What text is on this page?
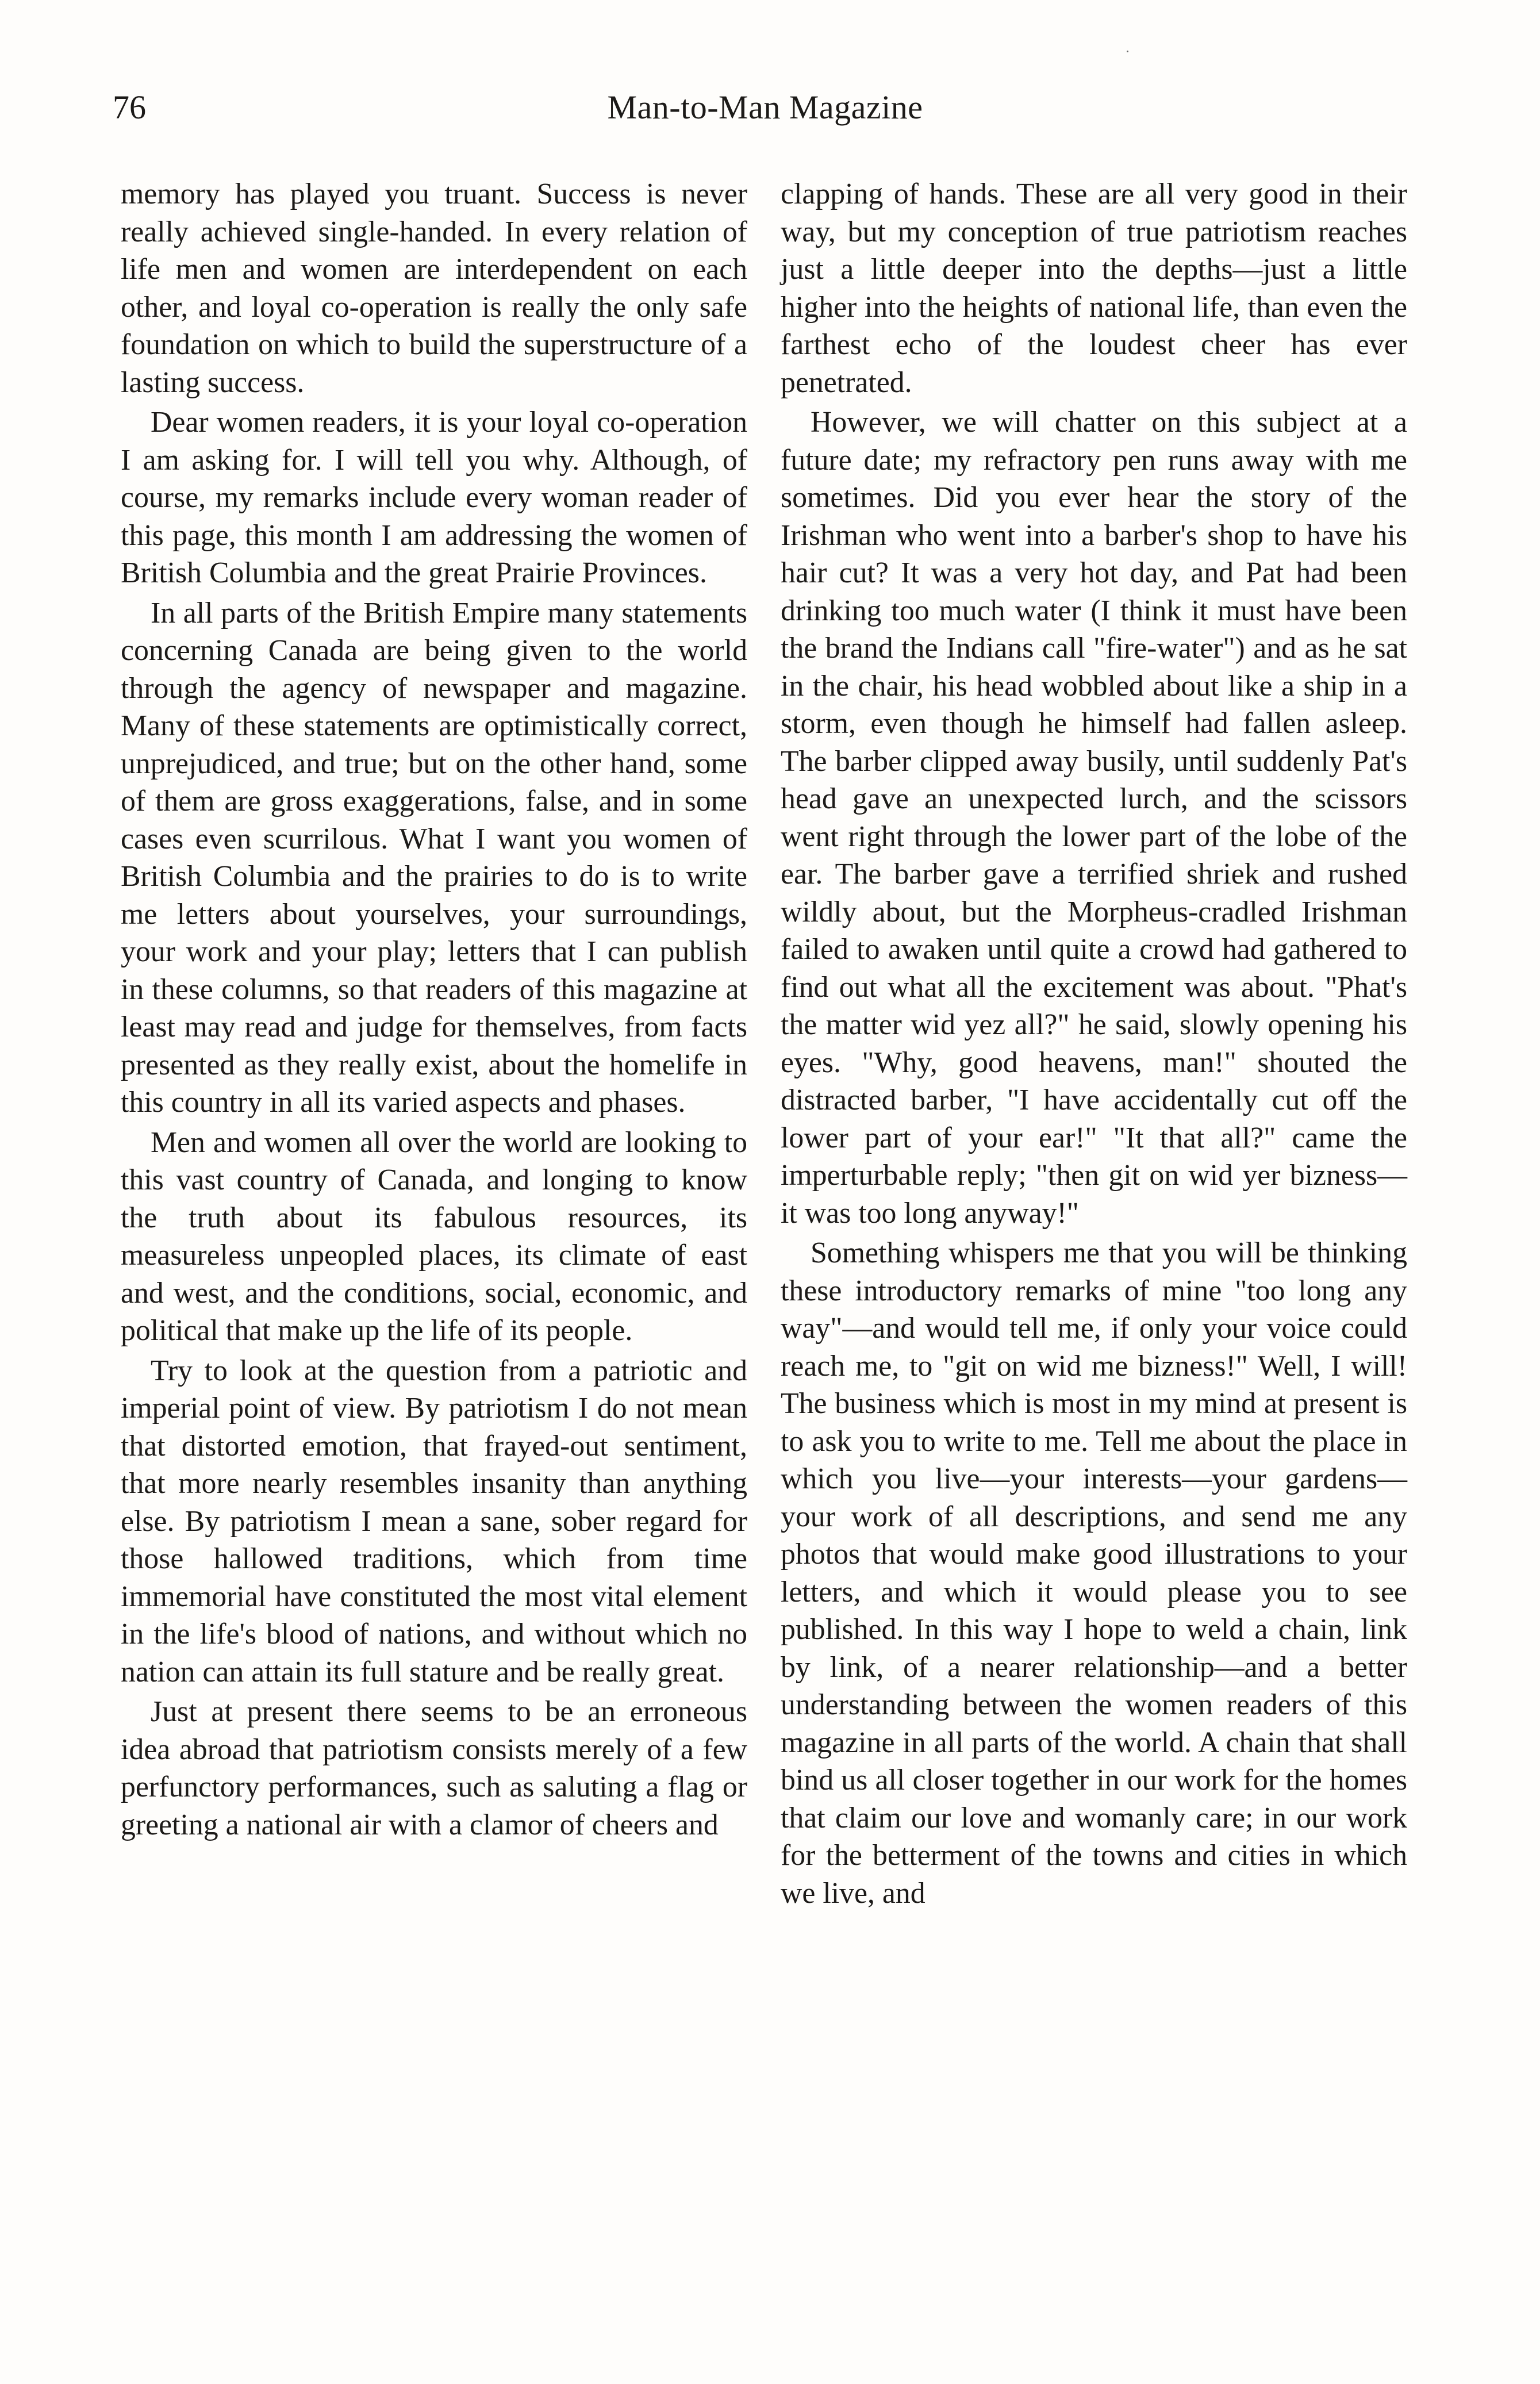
76	Man-to-Man Magazine

memory has played you truant. Success is never really achieved single-handed. In every relation of life men and women are interdependent on each other, and loyal co-operation is really the only safe foundation on which to build the superstructure of a lasting success.

Dear women readers, it is your loyal co-operation I am asking for. I will tell you why. Although, of course, my remarks include every woman reader of this page, this month I am addressing the women of British Columbia and the great Prairie Provinces.

In all parts of the British Empire many statements concerning Canada are being given to the world through the agency of newspaper and magazine. Many of these statements are optimistically correct, unprejudiced, and true; but on the other hand, some of them are gross exaggerations, false, and in some cases even scurrilous. What I want you women of British Columbia and the prairies to do is to write me letters about yourselves, your surroundings, your work and your play; letters that I can publish in these columns, so that readers of this magazine at least may read and judge for themselves, from facts presented as they really exist, about the homelife in this country in all its varied aspects and phases.

Men and women all over the world are looking to this vast country of Canada, and longing to know the truth about its fabulous resources, its measureless unpeopled places, its climate of east and west, and the conditions, social, economic, and political that make up the life of its people.

Try to look at the question from a patriotic and imperial point of view. By patriotism I do not mean that distorted emotion, that frayed-out sentiment, that more nearly resembles insanity than anything else. By patriotism I mean a sane, sober regard for those hallowed traditions, which from time immemorial have constituted the most vital element in the life's blood of nations, and without which no nation can attain its full stature and be really great.

Just at present there seems to be an erroneous idea abroad that patriotism consists merely of a few perfunctory performances, such as saluting a flag or greeting a national air with a clamor of cheers and

clapping of hands. These are all very good in their way, but my conception of true patriotism reaches just a little deeper into the depths—just a little higher into the heights of national life, than even the farthest echo of the loudest cheer has ever penetrated.

However, we will chatter on this subject at a future date; my refractory pen runs away with me sometimes. Did you ever hear the story of the Irishman who went into a barber's shop to have his hair cut? It was a very hot day, and Pat had been drinking too much water (I think it must have been the brand the Indians call "fire-water") and as he sat in the chair, his head wobbled about like a ship in a storm, even though he himself had fallen asleep. The barber clipped away busily, until suddenly Pat's head gave an unexpected lurch, and the scissors went right through the lower part of the lobe of the ear. The barber gave a terrified shriek and rushed wildly about, but the Morpheus-cradled Irishman failed to awaken until quite a crowd had gathered to find out what all the excitement was about. "Phat's the matter wid yez all?" he said, slowly opening his eyes. "Why, good heavens, man!" shouted the distracted barber, "I have accidentally cut off the lower part of your ear!" "It that all?" came the imperturbable reply; "then git on wid yer bizness—it was too long anyway!"

Something whispers me that you will be thinking these introductory remarks of mine "too long any way"—and would tell me, if only your voice could reach me, to "git on wid me bizness!" Well, I will! The business which is most in my mind at present is to ask you to write to me. Tell me about the place in which you live—your interests—your gardens—your work of all descriptions, and send me any photos that would make good illustrations to your letters, and which it would please you to see published. In this way I hope to weld a chain, link by link, of a nearer relationship—and a better understanding between the women readers of this magazine in all parts of the world. A chain that shall bind us all closer together in our work for the homes that claim our love and womanly care; in our work for the betterment of the towns and cities in which we live, and
